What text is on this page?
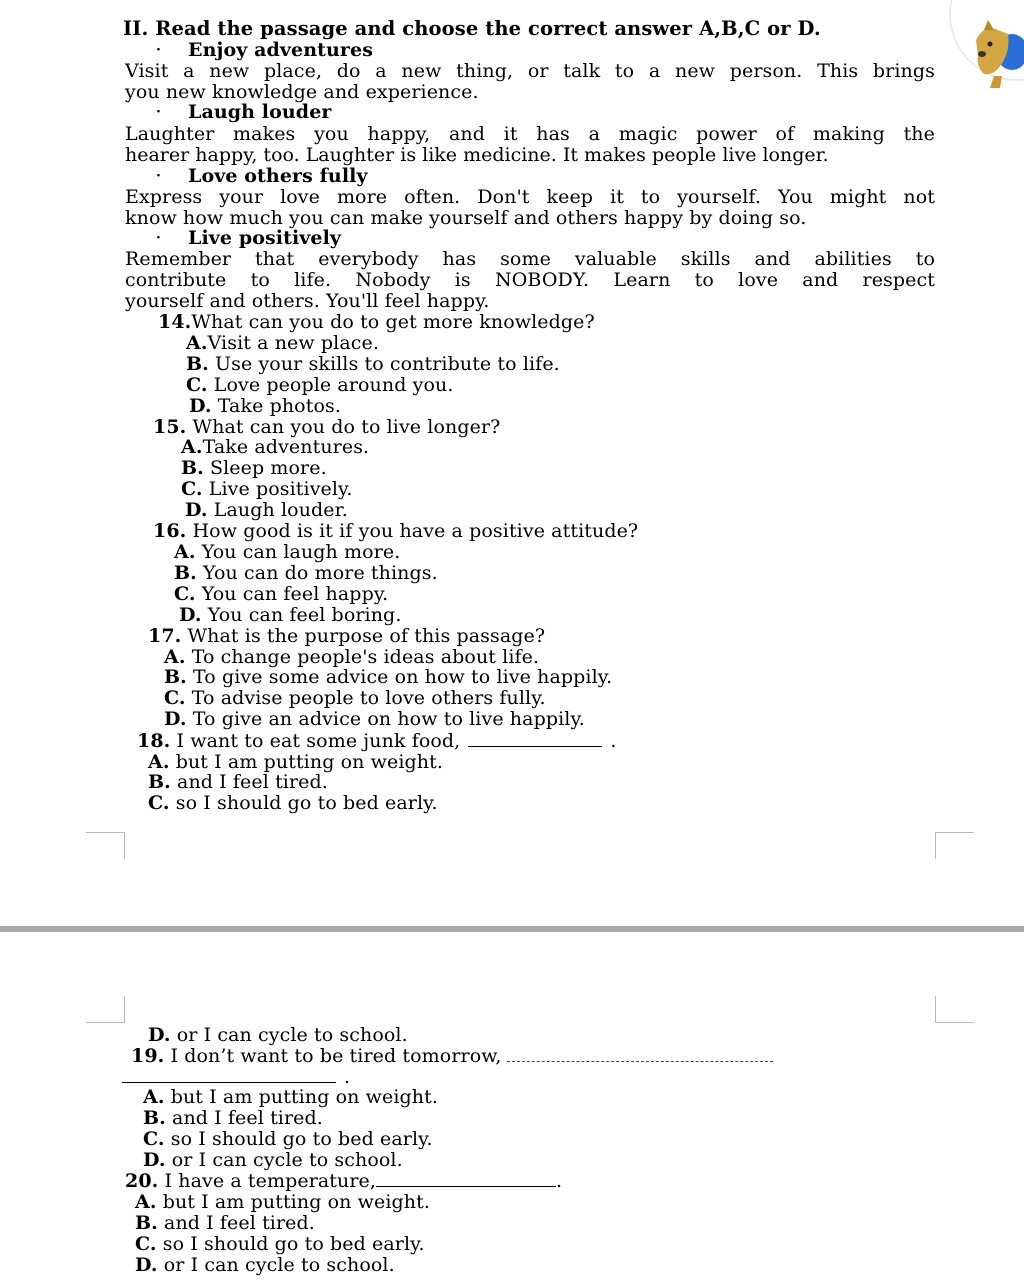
II. Read the passage and choose the correct answer A,B,C or D.
· Enjoy adventures
Visit a new place, do a new thing, or talk to a new person. This brings
you new knowledge and experience.
· Laugh louder
Laughter makes you happy, and it has a magic power of making the
hearer happy, too. Laughter is like medicine. It makes people live longer.
· Love others fully
Express your love more often. Don't keep it to yourself. You might not
know how much you can make yourself and others happy by doing so.
· Live positively
Remember that everybody has some valuable skills and abilities to
contribute to life. Nobody is NOBODY. Learn to love and respect
yourself and others. You'll feel happy.
14.What can you do to get more knowledge?
A.Visit a new place.
B. Use your skills to contribute to life.
C. Love people around you.
D. Take photos.
15. What can you do to live longer?
A.Take adventures.
B. Sleep more.
C. Live positively.
D. Laugh louder.
16. How good is it if you have a positive attitude?
A. You can laugh more.
B. You can do more things.
C. You can feel happy.
D. You can feel boring.
17. What is the purpose of this passage?
A. To change people's ideas about life.
B. To give some advice on how to live happily.
C. To advise people to love others fully.
D. To give an advice on how to live happily.
18. I want to eat some junk food,	.
A. but I am putting on weight.
B. and I feel tired.
C. so I should go to bed early.
D. or I can cycle to school.
19. I don’t want to be tired tomorrow,
.
A. but I am putting on weight.
B. and I feel tired.
C. so I should go to bed early.
D. or I can cycle to school.
20. I have a temperature,	.
A. but I am putting on weight.
B. and I feel tired.
C. so I should go to bed early.
D. or I can cycle to school.
